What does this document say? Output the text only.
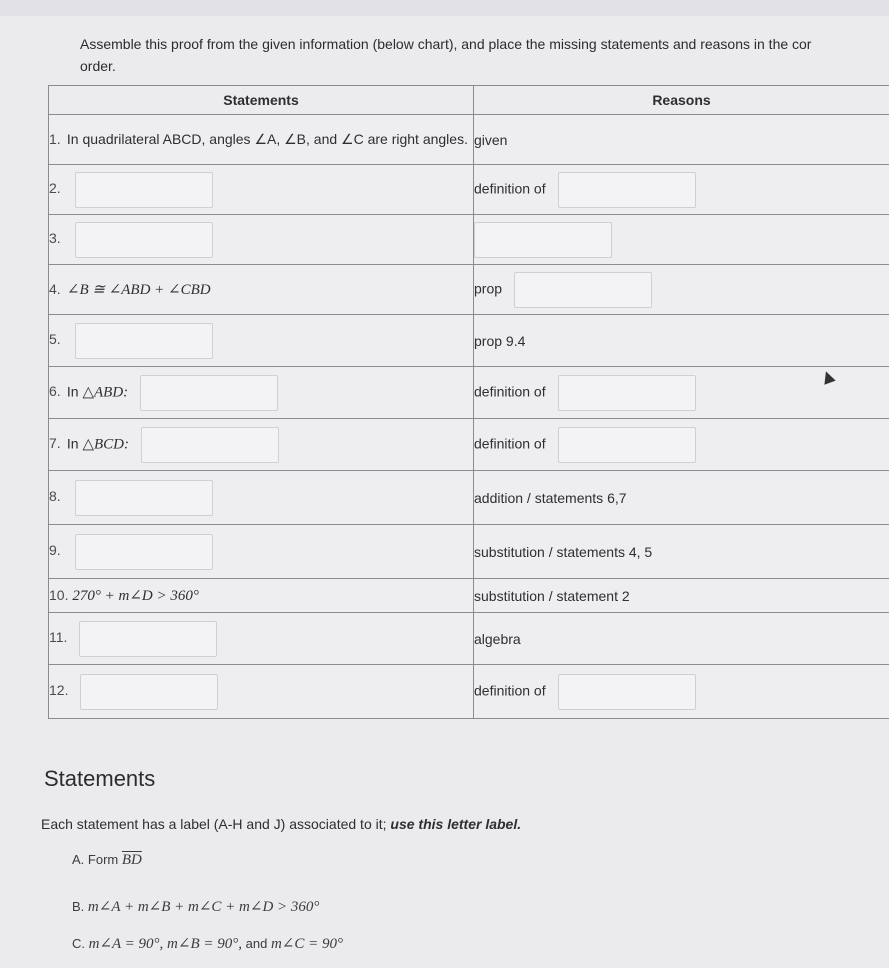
Assemble this proof from the given information (below chart), and place the missing statements and reasons in the cor
order.
Statements	Reasons
1. In quadrilateral ABCD, angles ∠A, ∠B, and ∠C are right angles.	given
2.	definition of
3.	
4. ∠B ≅ ∠ABD + ∠CBD	prop
5.	prop 9.4
6. In △ABD:	definition of
7. In △BCD:	definition of
8.	addition / statements 6,7
9.	substitution / statements 4, 5
10. 270° + m∠D > 360°	substitution / statement 2
11.	algebra
12.	definition of
Statements
Each statement has a label (A-H and J) associated to it; use this letter label.
A. Form $\overline{BD}$
B. m∠A + m∠B + m∠C + m∠D > 360°
C. m∠A = 90°, m∠B = 90°, and m∠C = 90°
